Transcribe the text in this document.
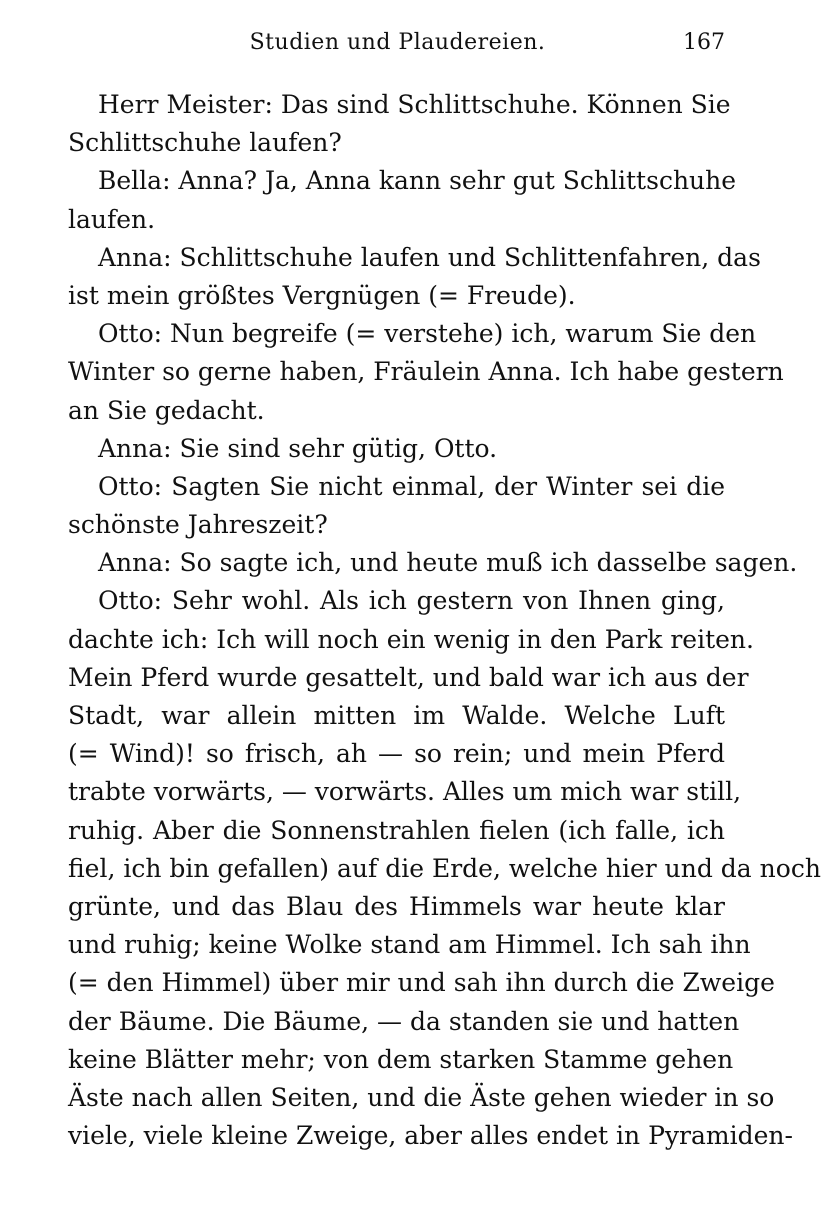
Studien und Plaudereien.	167
Herr Meister: Das sind Schlittschuhe. Können Sie
Schlittschuhe laufen?
Bella: Anna? Ja, Anna kann sehr gut Schlittschuhe
laufen.
Anna: Schlittschuhe laufen und Schlittenfahren, das
ist mein größtes Vergnügen (= Freude).
Otto: Nun begreife (= verstehe) ich, warum Sie den
Winter so gerne haben, Fräulein Anna. Ich habe gestern
an Sie gedacht.
Anna: Sie sind sehr gütig, Otto.
Otto: Sagten Sie nicht einmal, der Winter sei die
schönste Jahreszeit?
Anna: So sagte ich, und heute muß ich dasselbe sagen.
Otto: Sehr wohl. Als ich gestern von Ihnen ging,
dachte ich: Ich will noch ein wenig in den Park reiten.
Mein Pferd wurde gesattelt, und bald war ich aus der
Stadt, war allein mitten im Walde. Welche Luft
(= Wind)! so frisch, ah — so rein; und mein Pferd
trabte vorwärts, — vorwärts. Alles um mich war still,
ruhig. Aber die Sonnenstrahlen fielen (ich falle, ich
fiel, ich bin gefallen) auf die Erde, welche hier und da noch
grünte, und das Blau des Himmels war heute klar
und ruhig; keine Wolke stand am Himmel. Ich sah ihn
(= den Himmel) über mir und sah ihn durch die Zweige
der Bäume. Die Bäume, — da standen sie und hatten
keine Blätter mehr; von dem starken Stamme gehen
Äste nach allen Seiten, und die Äste gehen wieder in so
viele, viele kleine Zweige, aber alles endet in Pyramiden-
